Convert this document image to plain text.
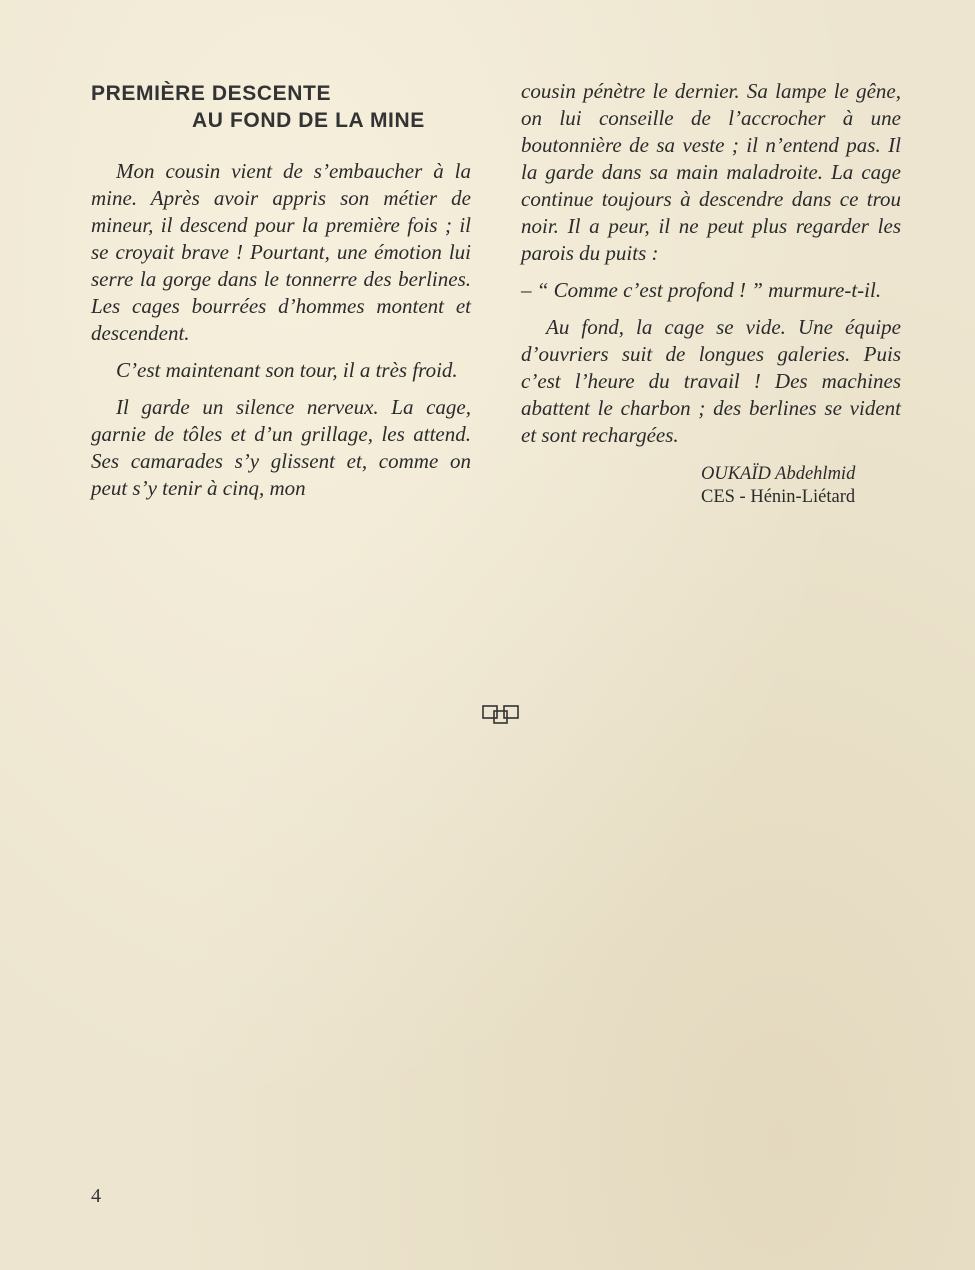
PREMIÈRE DESCENTE
AU FOND DE LA MINE

Mon cousin vient de s’embaucher à la mine. Après avoir appris son métier de mineur, il descend pour la première fois ; il se croyait brave ! Pourtant, une émotion lui serre la gorge dans le tonnerre des berlines. Les cages bourrées d’hommes montent et descendent.

C’est maintenant son tour, il a très froid.

Il garde un silence nerveux. La cage, garnie de tôles et d’un grillage, les attend. Ses camarades s’y glissent et, comme on peut s’y tenir à cinq, mon

cousin pénètre le dernier. Sa lampe le gêne, on lui conseille de l’accrocher à une boutonnière de sa veste ; il n’entend pas. Il la garde dans sa main maladroite. La cage continue toujours à descendre dans ce trou noir. Il a peur, il ne peut plus regarder les parois du puits :

– “ Comme c’est profond ! ” murmure-t-il.

Au fond, la cage se vide. Une équipe d’ouvriers suit de longues galeries. Puis c’est l’heure du travail ! Des machines abattent le charbon ; des berlines se vident et sont rechargées.

OUKAÏD Abdehlmid
CES - Hénin-Liétard
4
